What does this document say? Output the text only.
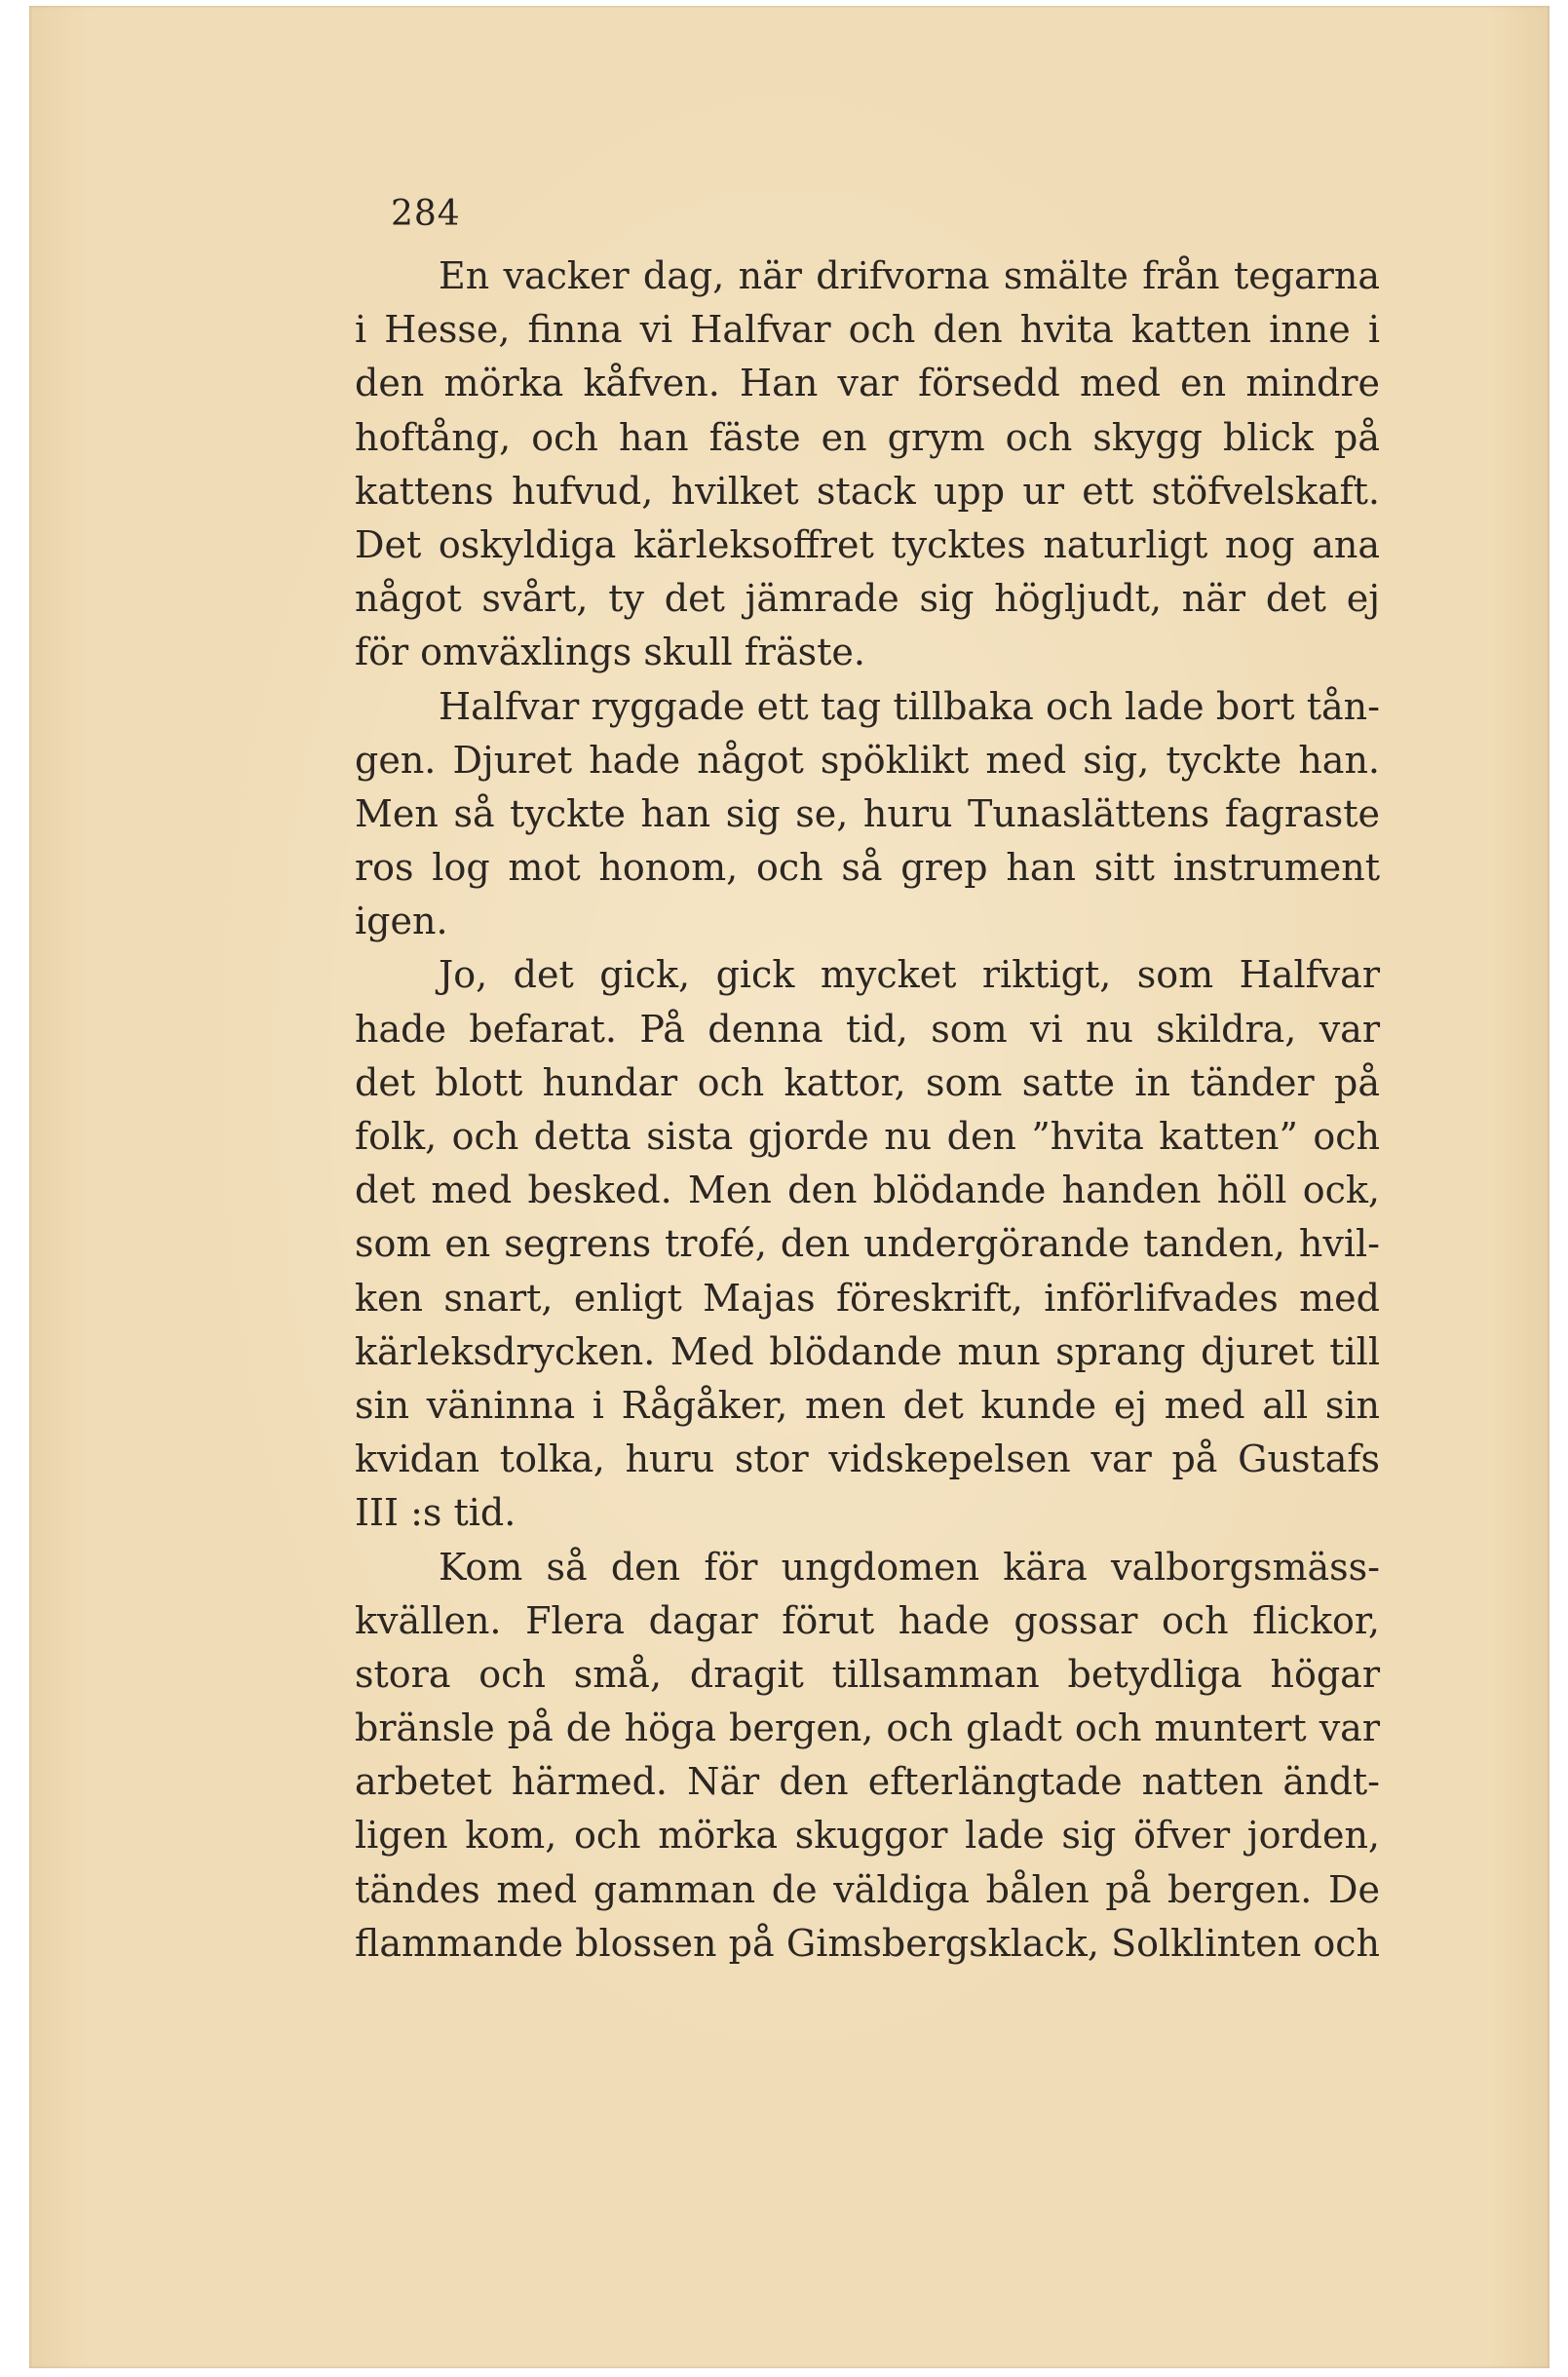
284
En vacker dag, när drifvorna smälte från tegarna
i Hesse, finna vi Halfvar och den hvita katten inne i
den mörka kåfven. Han var försedd med en mindre
hoftång, och han fäste en grym och skygg blick på
kattens hufvud, hvilket stack upp ur ett stöfvelskaft.
Det oskyldiga kärleksoffret tycktes naturligt nog ana
något svårt, ty det jämrade sig högljudt, när det ej
för omväxlings skull fräste.
Halfvar ryggade ett tag tillbaka och lade bort tån-
gen. Djuret hade något spöklikt med sig, tyckte han.
Men så tyckte han sig se, huru Tunaslättens fagraste
ros log mot honom, och så grep han sitt instrument
igen.
Jo, det gick, gick mycket riktigt, som Halfvar
hade befarat. På denna tid, som vi nu skildra, var
det blott hundar och kattor, som satte in tänder på
folk, och detta sista gjorde nu den ”hvita katten” och
det med besked. Men den blödande handen höll ock,
som en segrens trofé, den undergörande tanden, hvil-
ken snart, enligt Majas föreskrift, införlifvades med
kärleksdrycken. Med blödande mun sprang djuret till
sin väninna i Rågåker, men det kunde ej med all sin
kvidan tolka, huru stor vidskepelsen var på Gustafs
III :s tid.
Kom så den för ungdomen kära valborgsmäss-
kvällen. Flera dagar förut hade gossar och flickor,
stora och små, dragit tillsamman betydliga högar
bränsle på de höga bergen, och gladt och muntert var
arbetet härmed. När den efterlängtade natten ändt-
ligen kom, och mörka skuggor lade sig öfver jorden,
tändes med gamman de väldiga bålen på bergen. De
flammande blossen på Gimsbergsklack, Solklinten och
